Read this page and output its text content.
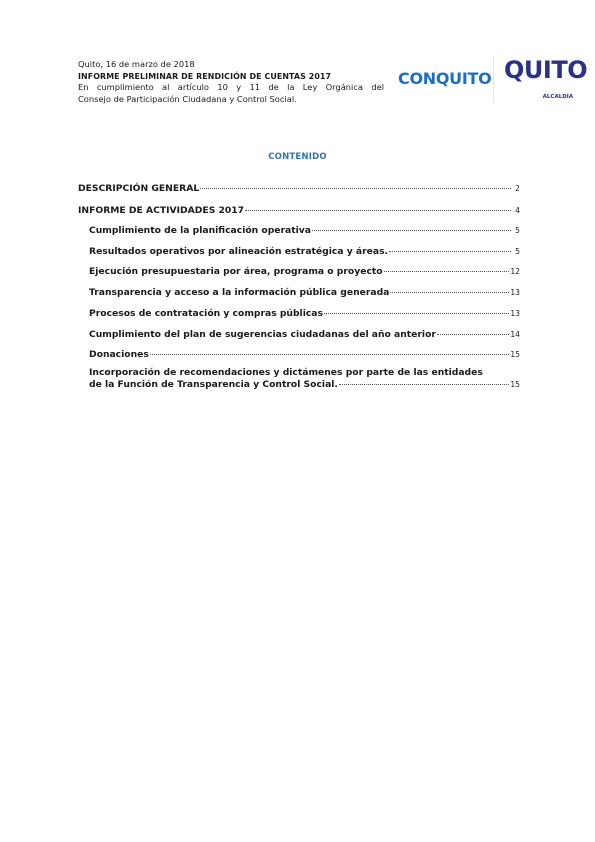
Quito, 16 de marzo de 2018
INFORME PRELIMINAR DE RENDICIÓN DE CUENTAS 2017
En cumplimiento al artículo 10 y 11 de la Ley Orgánica del
Consejo de Participación Ciudadana y Control Social.
CONQUITO QUITO
ALCALDÍA
CONTENIDO
DESCRIPCIÓN GENERAL	2
INFORME DE ACTIVIDADES 2017	4
Cumplimiento de la planificación operativa	5
Resultados operativos por alineación estratégica y áreas.	5
Ejecución presupuestaria por área, programa o proyecto	12
Transparencia y acceso a la información pública generada	13
Procesos de contratación y compras públicas	13
Cumplimiento del plan de sugerencias ciudadanas del año anterior	14
Donaciones	15
Incorporación de recomendaciones y dictámenes por parte de las entidades
de la Función de Transparencia y Control Social.	15
